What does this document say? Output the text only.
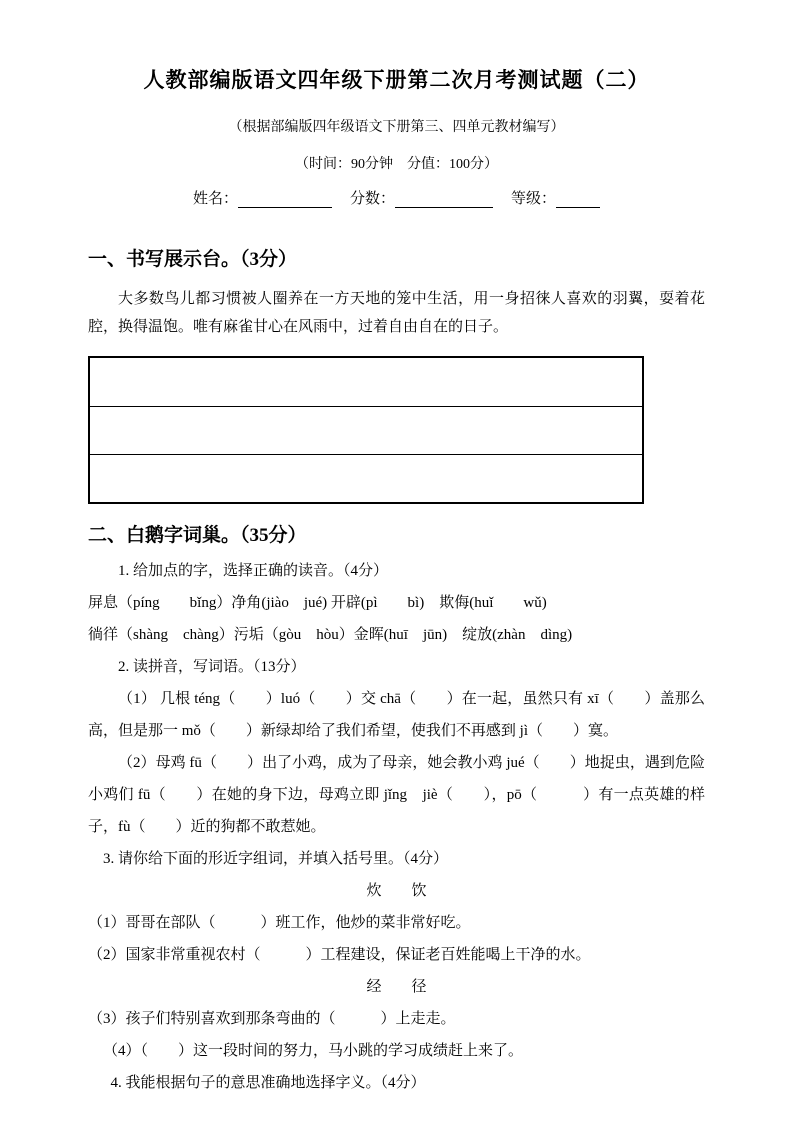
人教部编版语文四年级下册第二次月考测试题（二）
（根据部编版四年级语文下册第三、四单元教材编写）
（时间：90分钟　分值：100分）
姓名：	分数：	等级：
一、书写展示台。（3分）

大多数鸟儿都习惯被人圈养在一方天地的笼中生活，用一身招徕人喜欢的羽翼，耍着花腔，换得温饱。唯有麻雀甘心在风雨中，过着自由自在的日子。

二、白鹅字词巢。（35分）

1. 给加点的字，选择正确的读音。（4分）

屏息（píng　　bǐng）净角(jiào　jué) 开辟(pì　　bì)　欺侮(huǐ　　wǔ)

徜徉（shàng　chàng）污垢（gòu　hòu）金晖(huī　jūn)　绽放(zhàn　dìng)

2. 读拼音，写词语。（13分）

（1） 几根 téng（　　）luó（　　）交 chā（　　）在一起，虽然只有 xī（　　）盖那么高，但是那一 mǒ（　　）新绿却给了我们希望，使我们不再感到 jì（　　）寞。

（2）母鸡 fū（　　）出了小鸡，成为了母亲，她会教小鸡 jué（　　）地捉虫，遇到危险小鸡们 fū（　　）在她的身下边，母鸡立即 jǐng　jiè（　　），pō（　　　）有一点英雄的样子，fù（　　）近的狗都不敢惹她。

3. 请你给下面的形近字组词，并填入括号里。（4分）

炊　　饮

（1）哥哥在部队（　　　）班工作，他炒的菜非常好吃。

（2）国家非常重视农村（　　　）工程建设，保证老百姓能喝上干净的水。

经　　径

（3）孩子们特别喜欢到那条弯曲的（　　　）上走走。

（4）（　　）这一段时间的努力，马小跳的学习成绩赶上来了。

4. 我能根据句子的意思准确地选择字义。（4分）
